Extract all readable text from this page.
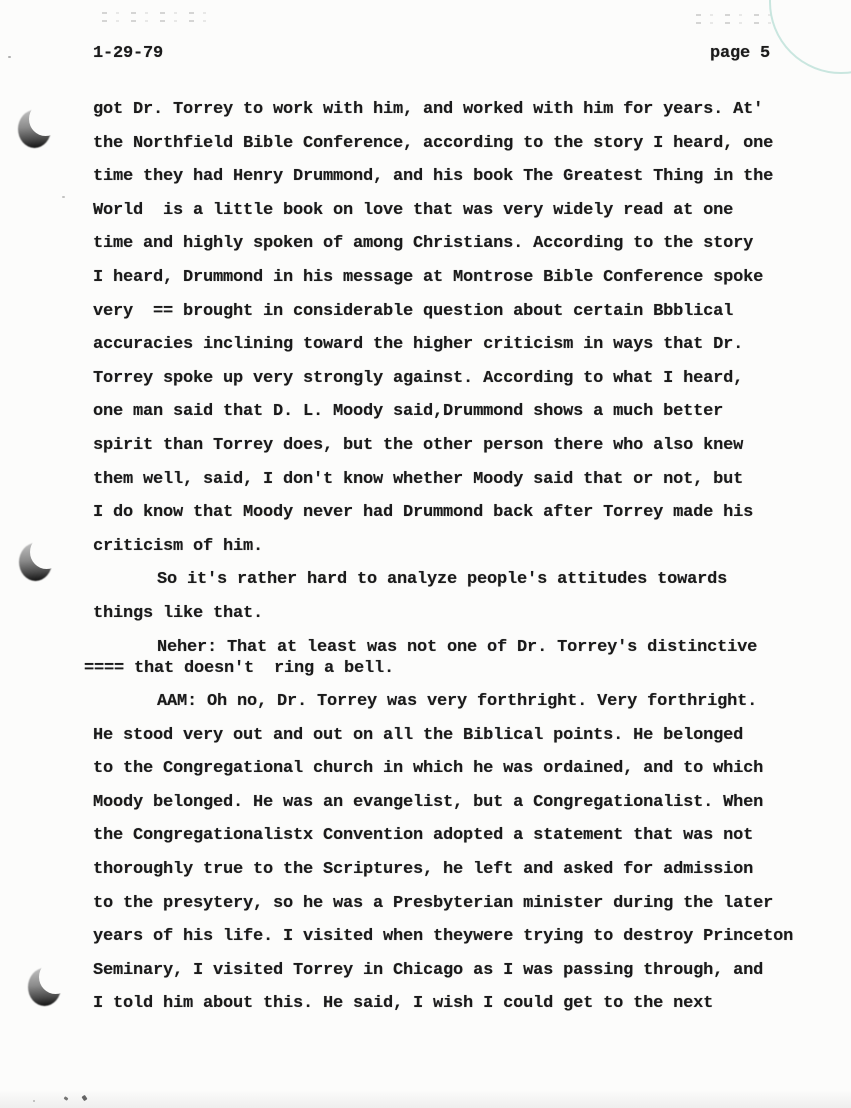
1-29-79	page 5
got Dr. Torrey to work with him, and worked with him for years. At'
the Northfield Bible Conference, according to the story I heard, one
time they had Henry Drummond, and his book The Greatest Thing in the
World  is a little book on love that was very widely read at one
time and highly spoken of among Christians. According to the story
I heard, Drummond in his message at Montrose Bible Conference spoke
very  == brought in considerable question about certain Bbblical
accuracies inclining toward the higher criticism in ways that Dr.
Torrey spoke up very strongly against. According to what I heard,
one man said that D. L. Moody said,Drummond shows a much better
spirit than Torrey does, but the other person there who also knew
them well, said, I don't know whether Moody said that or not, but
I do know that Moody never had Drummond back after Torrey made his
criticism of him.
So it's rather hard to analyze people's attitudes towards
things like that.
Neher: That at least was not one of Dr. Torrey's distinctive
==== that doesn't  ring a bell.
AAM: Oh no, Dr. Torrey was very forthright. Very forthright.
He stood very out and out on all the Biblical points. He belonged
to the Congregational church in which he was ordained, and to which
Moody belonged. He was an evangelist, but a Congregationalist. When
the Congregationalistx Convention adopted a statement that was not
thoroughly true to the Scriptures, he left and asked for admission
to the presytery, so he was a Presbyterian minister during the later
years of his life. I visited when theywere trying to destroy Princeton
Seminary, I visited Torrey in Chicago as I was passing through, and
I told him about this. He said, I wish I could get to the next
